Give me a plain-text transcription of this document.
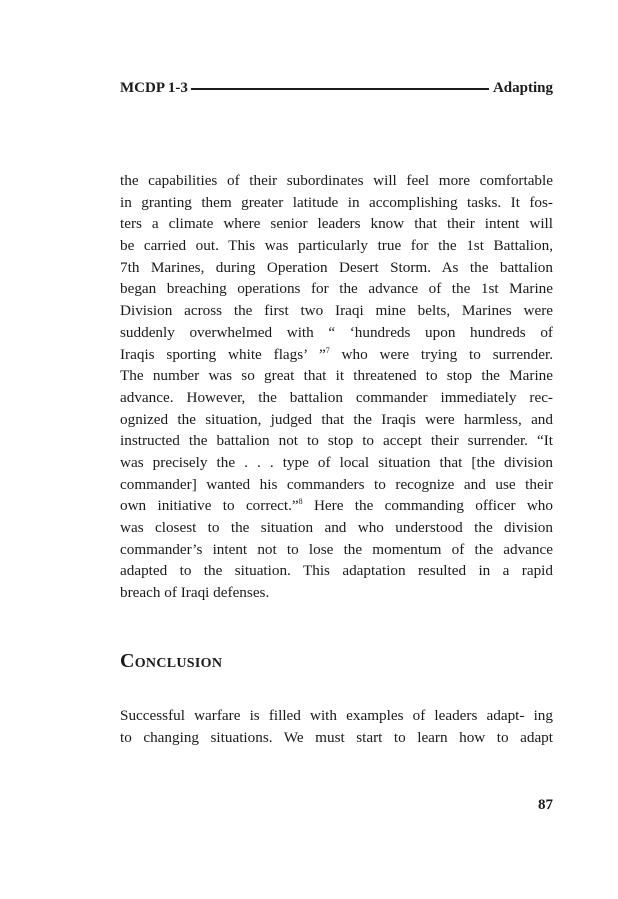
MCDP 1-3	Adapting
the capabilities of their subordinates will feel more comfortable
in granting them greater latitude in accomplishing tasks. It fos-
ters a climate where senior leaders know that their intent will
be carried out. This was particularly true for the 1st Battalion,
7th Marines, during Operation Desert Storm. As the battalion
began breaching operations for the advance of the 1st Marine
Division across the first two Iraqi mine belts, Marines were
suddenly overwhelmed with “ ‘hundreds upon hundreds of
Iraqis sporting white flags’ ”$^7$ who were trying to surrender.
The number was so great that it threatened to stop the Marine
advance. However, the battalion commander immediately rec-
ognized the situation, judged that the Iraqis were harmless, and
instructed the battalion not to stop to accept their surrender. “It
was precisely the . . . type of local situation that [the division
commander] wanted his commanders to recognize and use their
own initiative to correct.”$^8$ Here the commanding officer who
was closest to the situation and who understood the division
commander’s intent not to lose the momentum of the advance
adapted to the situation. This adaptation resulted in a rapid
breach of Iraqi defenses.
Conclusion
Successful warfare is filled with examples of leaders adapt- ing
to changing situations. We must start to learn how to adapt
87
